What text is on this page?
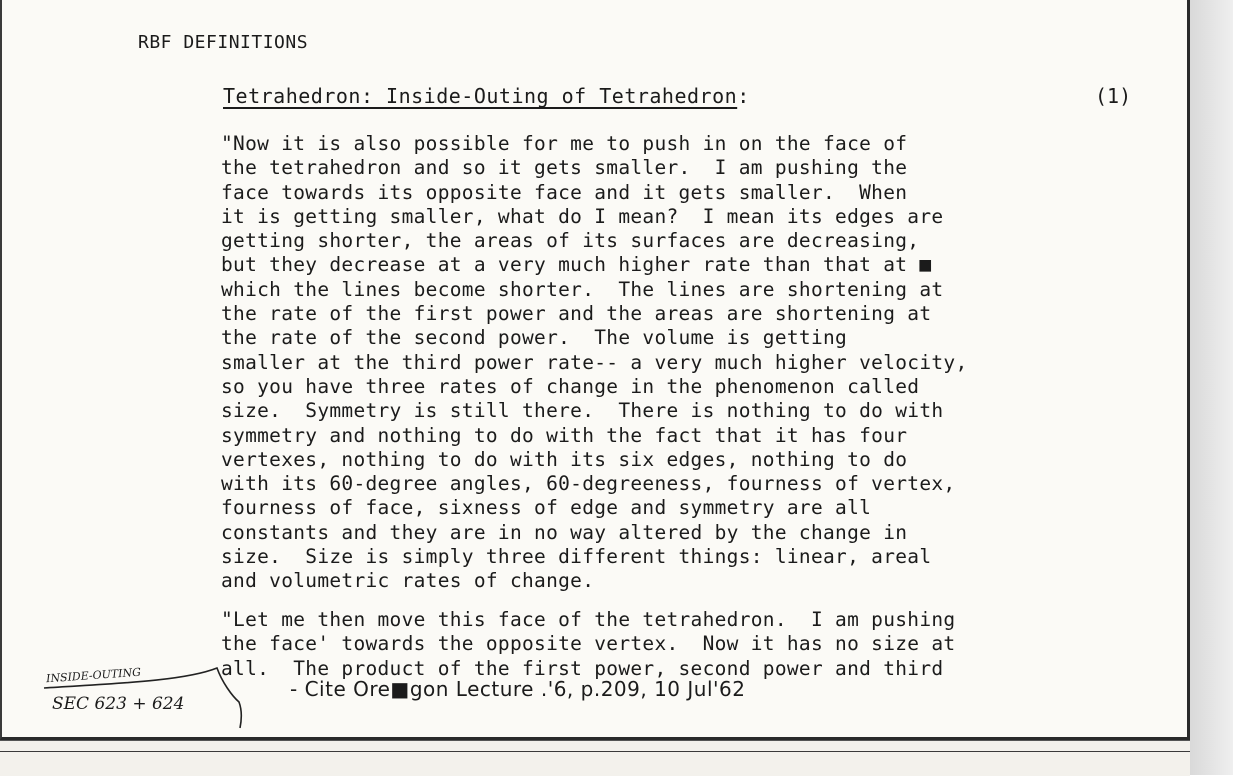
RBF DEFINITIONS
Tetrahedron: Inside-Outing of Tetrahedron:	(1)
"Now it is also possible for me to push in on the face of
the tetrahedron and so it gets smaller.  I am pushing the
face towards its opposite face and it gets smaller.  When
it is getting smaller, what do I mean?  I mean its edges are
getting shorter, the areas of its surfaces are decreasing,
but they decrease at a very much higher rate than that at ■
which the lines become shorter.  The lines are shortening at
the rate of the first power and the areas are shortening at
the rate of the second power.  The volume is getting
smaller at the third power rate-- a very much higher velocity,
so you have three rates of change in the phenomenon called
size.  Symmetry is still there.  There is nothing to do with
symmetry and nothing to do with the fact that it has four
vertexes, nothing to do with its six edges, nothing to do
with its 60-degree angles, 60-degreeness, fourness of vertex,
fourness of face, sixness of edge and symmetry are all
constants and they are in no way altered by the change in
size.  Size is simply three different things: linear, areal
and volumetric rates of change.
"Let me then move this face of the tetrahedron.  I am pushing
the face' towards the opposite vertex.  Now it has no size at
all.  The product of the first power, second power and third
- Cite Ore■gon Lecture .'6, p.209, 10 Jul'62
INSIDE-OUTING
SEC 623 + 624
